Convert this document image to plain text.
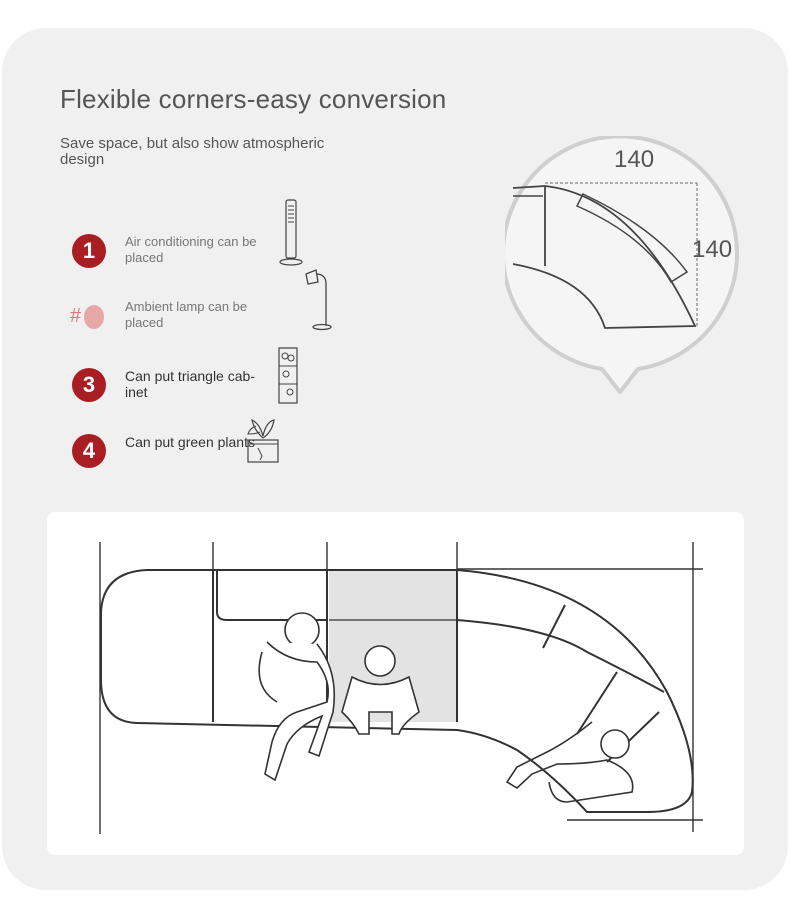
Flexible corners-easy conversion
Save space, but also show atmospheric design
1	Air conditioning can be placed
#	Ambient lamp can be placed
3	Can put triangle cab-inet
4	Can put green plants
140
140
